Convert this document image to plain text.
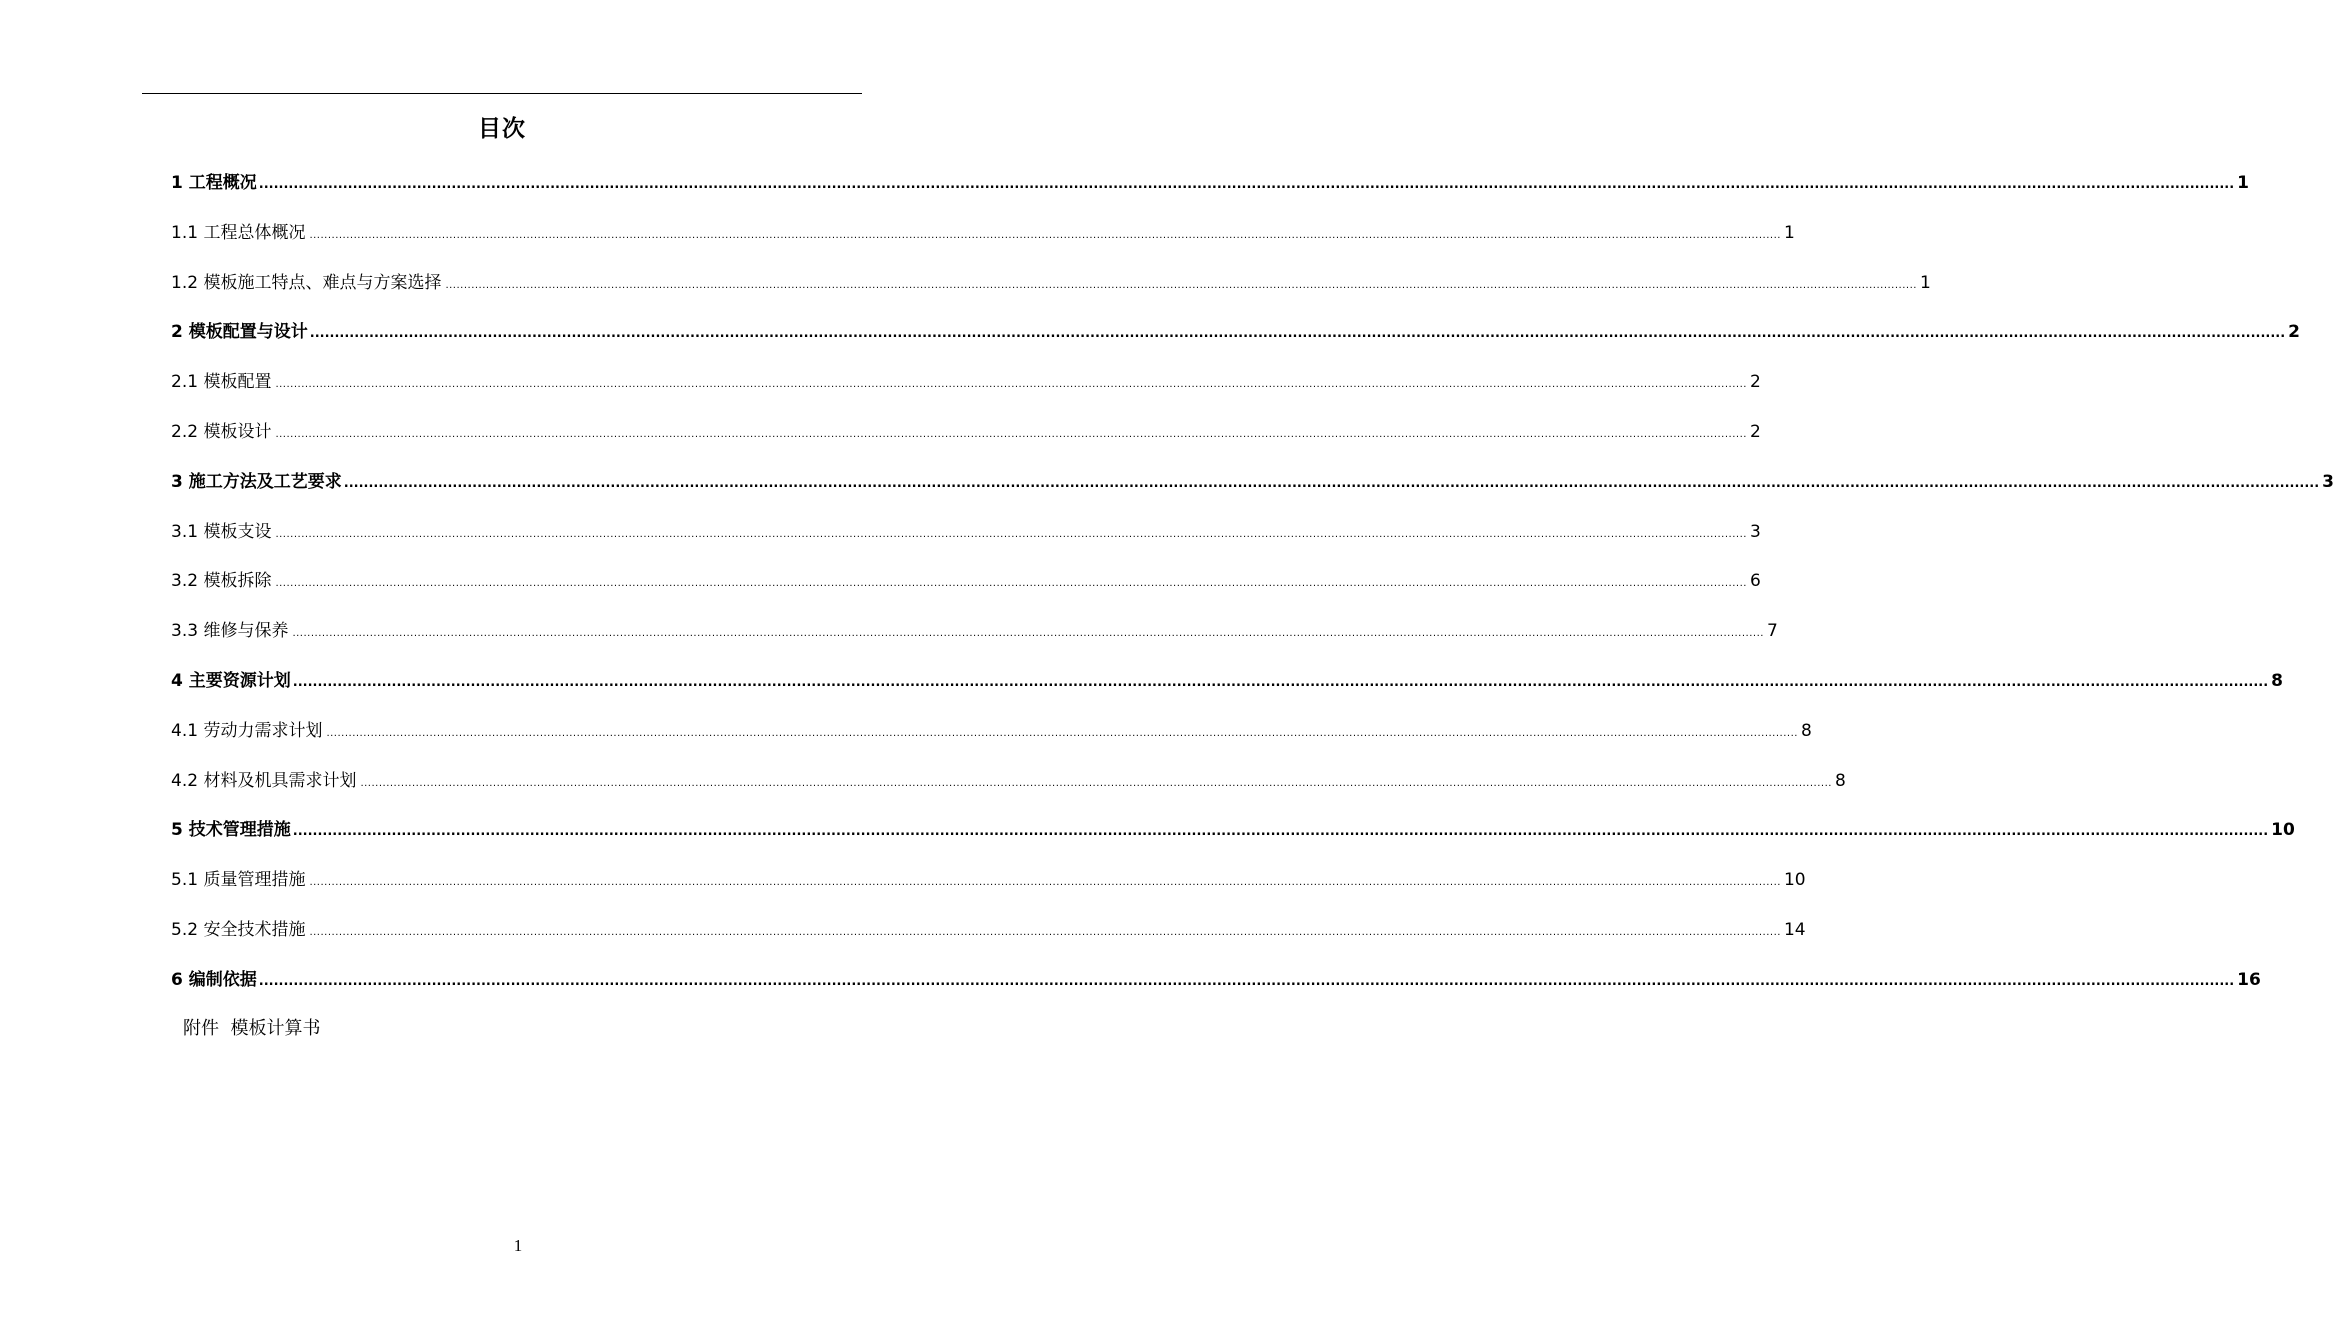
目次
1 工程概况 ................................................................................................................................................................................................................................................................................................................................................................................................................ 1
1.1 工程总体概况 ................................................................................................................................................................................................................................................................................................................................................................................................................ 1
1.2 模板施工特点、难点与方案选择 ................................................................................................................................................................................................................................................................................................................................................................................................................ 1
2 模板配置与设计 ................................................................................................................................................................................................................................................................................................................................................................................................................ 2
2.1 模板配置 ................................................................................................................................................................................................................................................................................................................................................................................................................ 2
2.2 模板设计 ................................................................................................................................................................................................................................................................................................................................................................................................................ 2
3 施工方法及工艺要求 ................................................................................................................................................................................................................................................................................................................................................................................................................ 3
3.1 模板支设 ................................................................................................................................................................................................................................................................................................................................................................................................................ 3
3.2 模板拆除 ................................................................................................................................................................................................................................................................................................................................................................................................................ 6
3.3 维修与保养 ................................................................................................................................................................................................................................................................................................................................................................................................................ 7
4 主要资源计划 ................................................................................................................................................................................................................................................................................................................................................................................................................ 8
4.1 劳动力需求计划 ................................................................................................................................................................................................................................................................................................................................................................................................................ 8
4.2 材料及机具需求计划 ................................................................................................................................................................................................................................................................................................................................................................................................................ 8
5 技术管理措施 ................................................................................................................................................................................................................................................................................................................................................................................................................ 10
5.1 质量管理措施 ................................................................................................................................................................................................................................................................................................................................................................................................................ 10
5.2 安全技术措施 ................................................................................................................................................................................................................................................................................................................................................................................................................ 14
6 编制依据 ................................................................................................................................................................................................................................................................................................................................................................................................................ 16
附件  模板计算书
1
